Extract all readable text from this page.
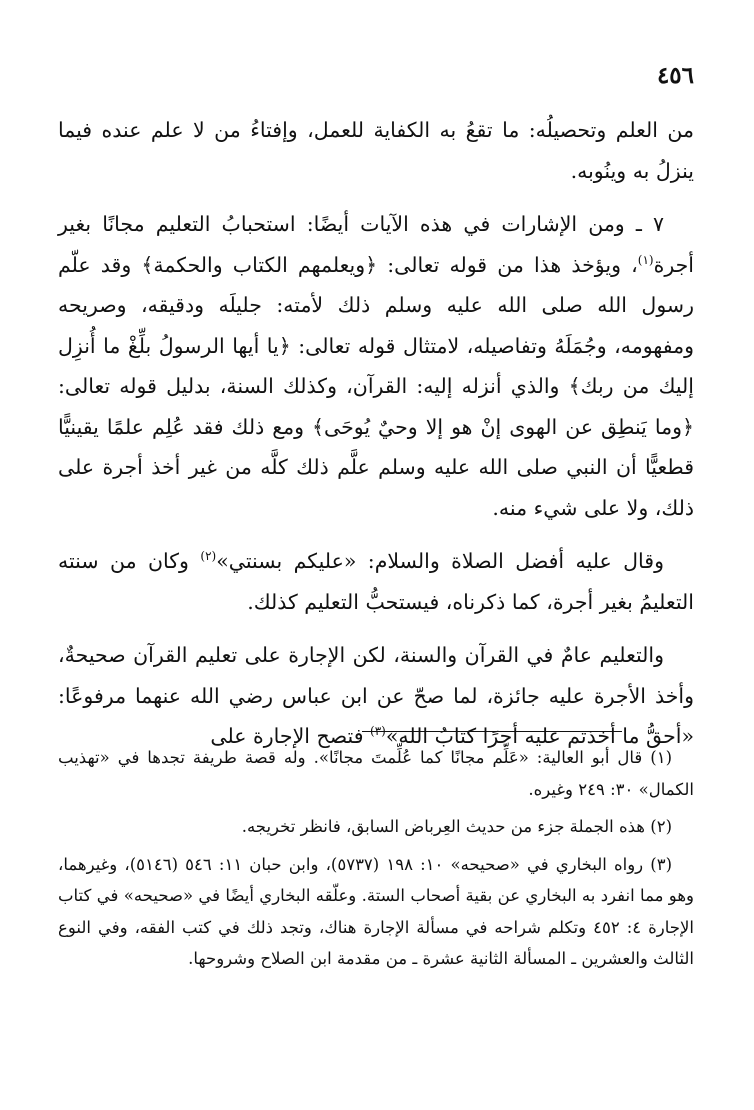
٤٥٦

من العلم وتحصيلُه: ما تقعُ به الكفاية للعمل، وإفتاءُ من لا علم عنده فيما ينزلُ به وينُوبه.

٧ ـ ومن الإشارات في هذه الآيات أيضًا: استحبابُ التعليم مجانًا بغير أجرة$^{(١)}$، ويؤخذ هذا من قوله تعالى: ﴿ويعلمهم الكتاب والحكمة﴾ وقد علّم رسول الله صلى الله عليه وسلم ذلك لأمته: جليلَه ودقيقه، وصريحه ومفهومه، وجُمَلَهُ وتفاصيله، لامتثال قوله تعالى: ﴿يا أيها الرسولُ بلِّغْ ما أُنزِل إليك من ربك﴾ والذي أنزله إليه: القرآن، وكذلك السنة، بدليل قوله تعالى: ﴿وما يَنطِق عن الهوى إنْ هو إلا وحيٌ يُوحَى﴾ ومع ذلك فقد عُلِم علمًا يقينيًّا قطعيًّا أن النبي صلى الله عليه وسلم علَّم ذلك كلَّه من غير أخذ أجرة على ذلك، ولا على شيء منه.

وقال عليه أفضل الصلاة والسلام: «عليكم بسنتي»$^{(٢)}$ وكان من سنته التعليمُ بغير أجرة، كما ذكرناه، فيستحبُّ التعليم كذلك.

والتعليم عامٌ في القرآن والسنة، لكن الإجارة على تعليم القرآن صحيحةٌ، وأخذ الأجرة عليه جائزة، لما صحّ عن ابن عباس رضي الله عنهما مرفوعًا: «أحقُّ ما أخذتم عليه أجرًا كتابُ الله»$^{(٣)}$ فتصح الإجارة على

(١) قال أبو العالية: «عَلِّم مجانًا كما عُلِّمتَ مجانًا». وله قصة طريفة تجدها في «تهذيب الكمال» ٣٠: ٢٤٩ وغيره.

(٢) هذه الجملة جزء من حديث العِرباض السابق، فانظر تخريجه.

(٣) رواه البخاري في «صحيحه» ١٠: ١٩٨ (٥٧٣٧)، وابن حبان ١١: ٥٤٦ (٥١٤٦)، وغيرهما، وهو مما انفرد به البخاري عن بقية أصحاب الستة. وعلّقه البخاري أيضًا في «صحيحه» في كتاب الإجارة ٤: ٤٥٢ وتكلم شراحه في مسألة الإجارة هناك، وتجد ذلك في كتب الفقه، وفي النوع الثالث والعشرين ـ المسألة الثانية عشرة ـ من مقدمة ابن الصلاح وشروحها.
